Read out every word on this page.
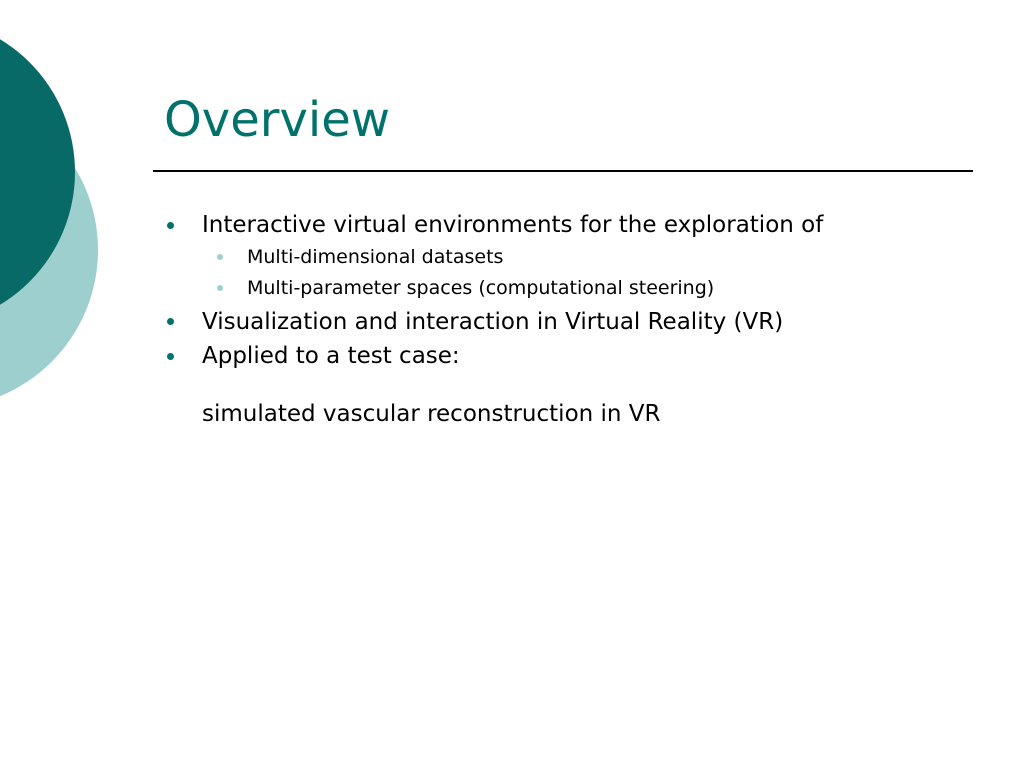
Overview
Interactive virtual environments for the exploration of
Multi-dimensional datasets
Multi-parameter spaces (computational steering)
Visualization and interaction in Virtual Reality (VR)
Applied to a test case:
simulated vascular reconstruction in VR
